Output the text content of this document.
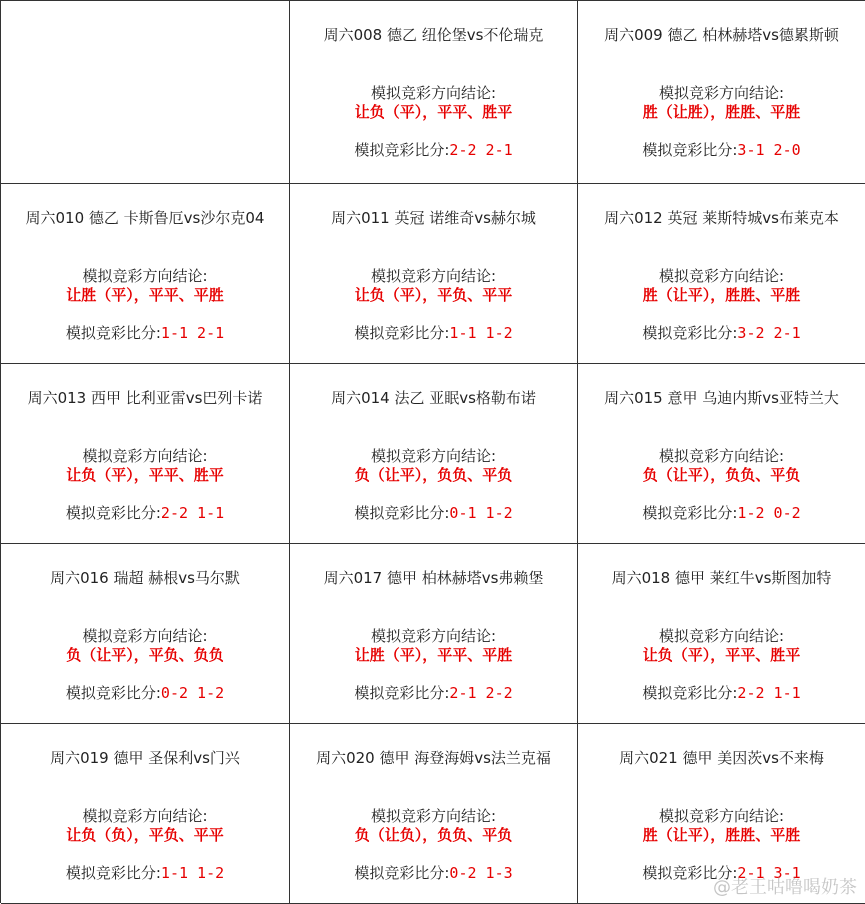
周六008 德乙 纽伦堡vs不伦瑞克
模拟竞彩方向结论:
让负（平），平平、胜平
模拟竞彩比分:2-2 2-1
周六009 德乙 柏林赫塔vs德累斯顿
模拟竞彩方向结论:
胜（让胜），胜胜、平胜
模拟竞彩比分:3-1 2-0
周六010 德乙 卡斯鲁厄vs沙尔克04
模拟竞彩方向结论:
让胜（平），平平、平胜
模拟竞彩比分:1-1 2-1
周六011 英冠 诺维奇vs赫尔城
模拟竞彩方向结论:
让负（平），平负、平平
模拟竞彩比分:1-1 1-2
周六012 英冠 莱斯特城vs布莱克本
模拟竞彩方向结论:
胜（让平），胜胜、平胜
模拟竞彩比分:3-2 2-1
周六013 西甲 比利亚雷vs巴列卡诺
模拟竞彩方向结论:
让负（平），平平、胜平
模拟竞彩比分:2-2 1-1
周六014 法乙 亚眠vs格勒布诺
模拟竞彩方向结论:
负（让平），负负、平负
模拟竞彩比分:0-1 1-2
周六015 意甲 乌迪内斯vs亚特兰大
模拟竞彩方向结论:
负（让平），负负、平负
模拟竞彩比分:1-2 0-2
周六016 瑞超 赫根vs马尔默
模拟竞彩方向结论:
负（让平），平负、负负
模拟竞彩比分:0-2 1-2
周六017 德甲 柏林赫塔vs弗赖堡
模拟竞彩方向结论:
让胜（平），平平、平胜
模拟竞彩比分:2-1 2-2
周六018 德甲 莱红牛vs斯图加特
模拟竞彩方向结论:
让负（平），平平、胜平
模拟竞彩比分:2-2 1-1
周六019 德甲 圣保利vs门兴
模拟竞彩方向结论:
让负（负），平负、平平
模拟竞彩比分:1-1 1-2
周六020 德甲 海登海姆vs法兰克福
模拟竞彩方向结论:
负（让负），负负、平负
模拟竞彩比分:0-2 1-3
周六021 德甲 美因茨vs不来梅
模拟竞彩方向结论:
胜（让平），胜胜、平胜
模拟竞彩比分:2-1 3-1
@老王咕噜喝奶茶
